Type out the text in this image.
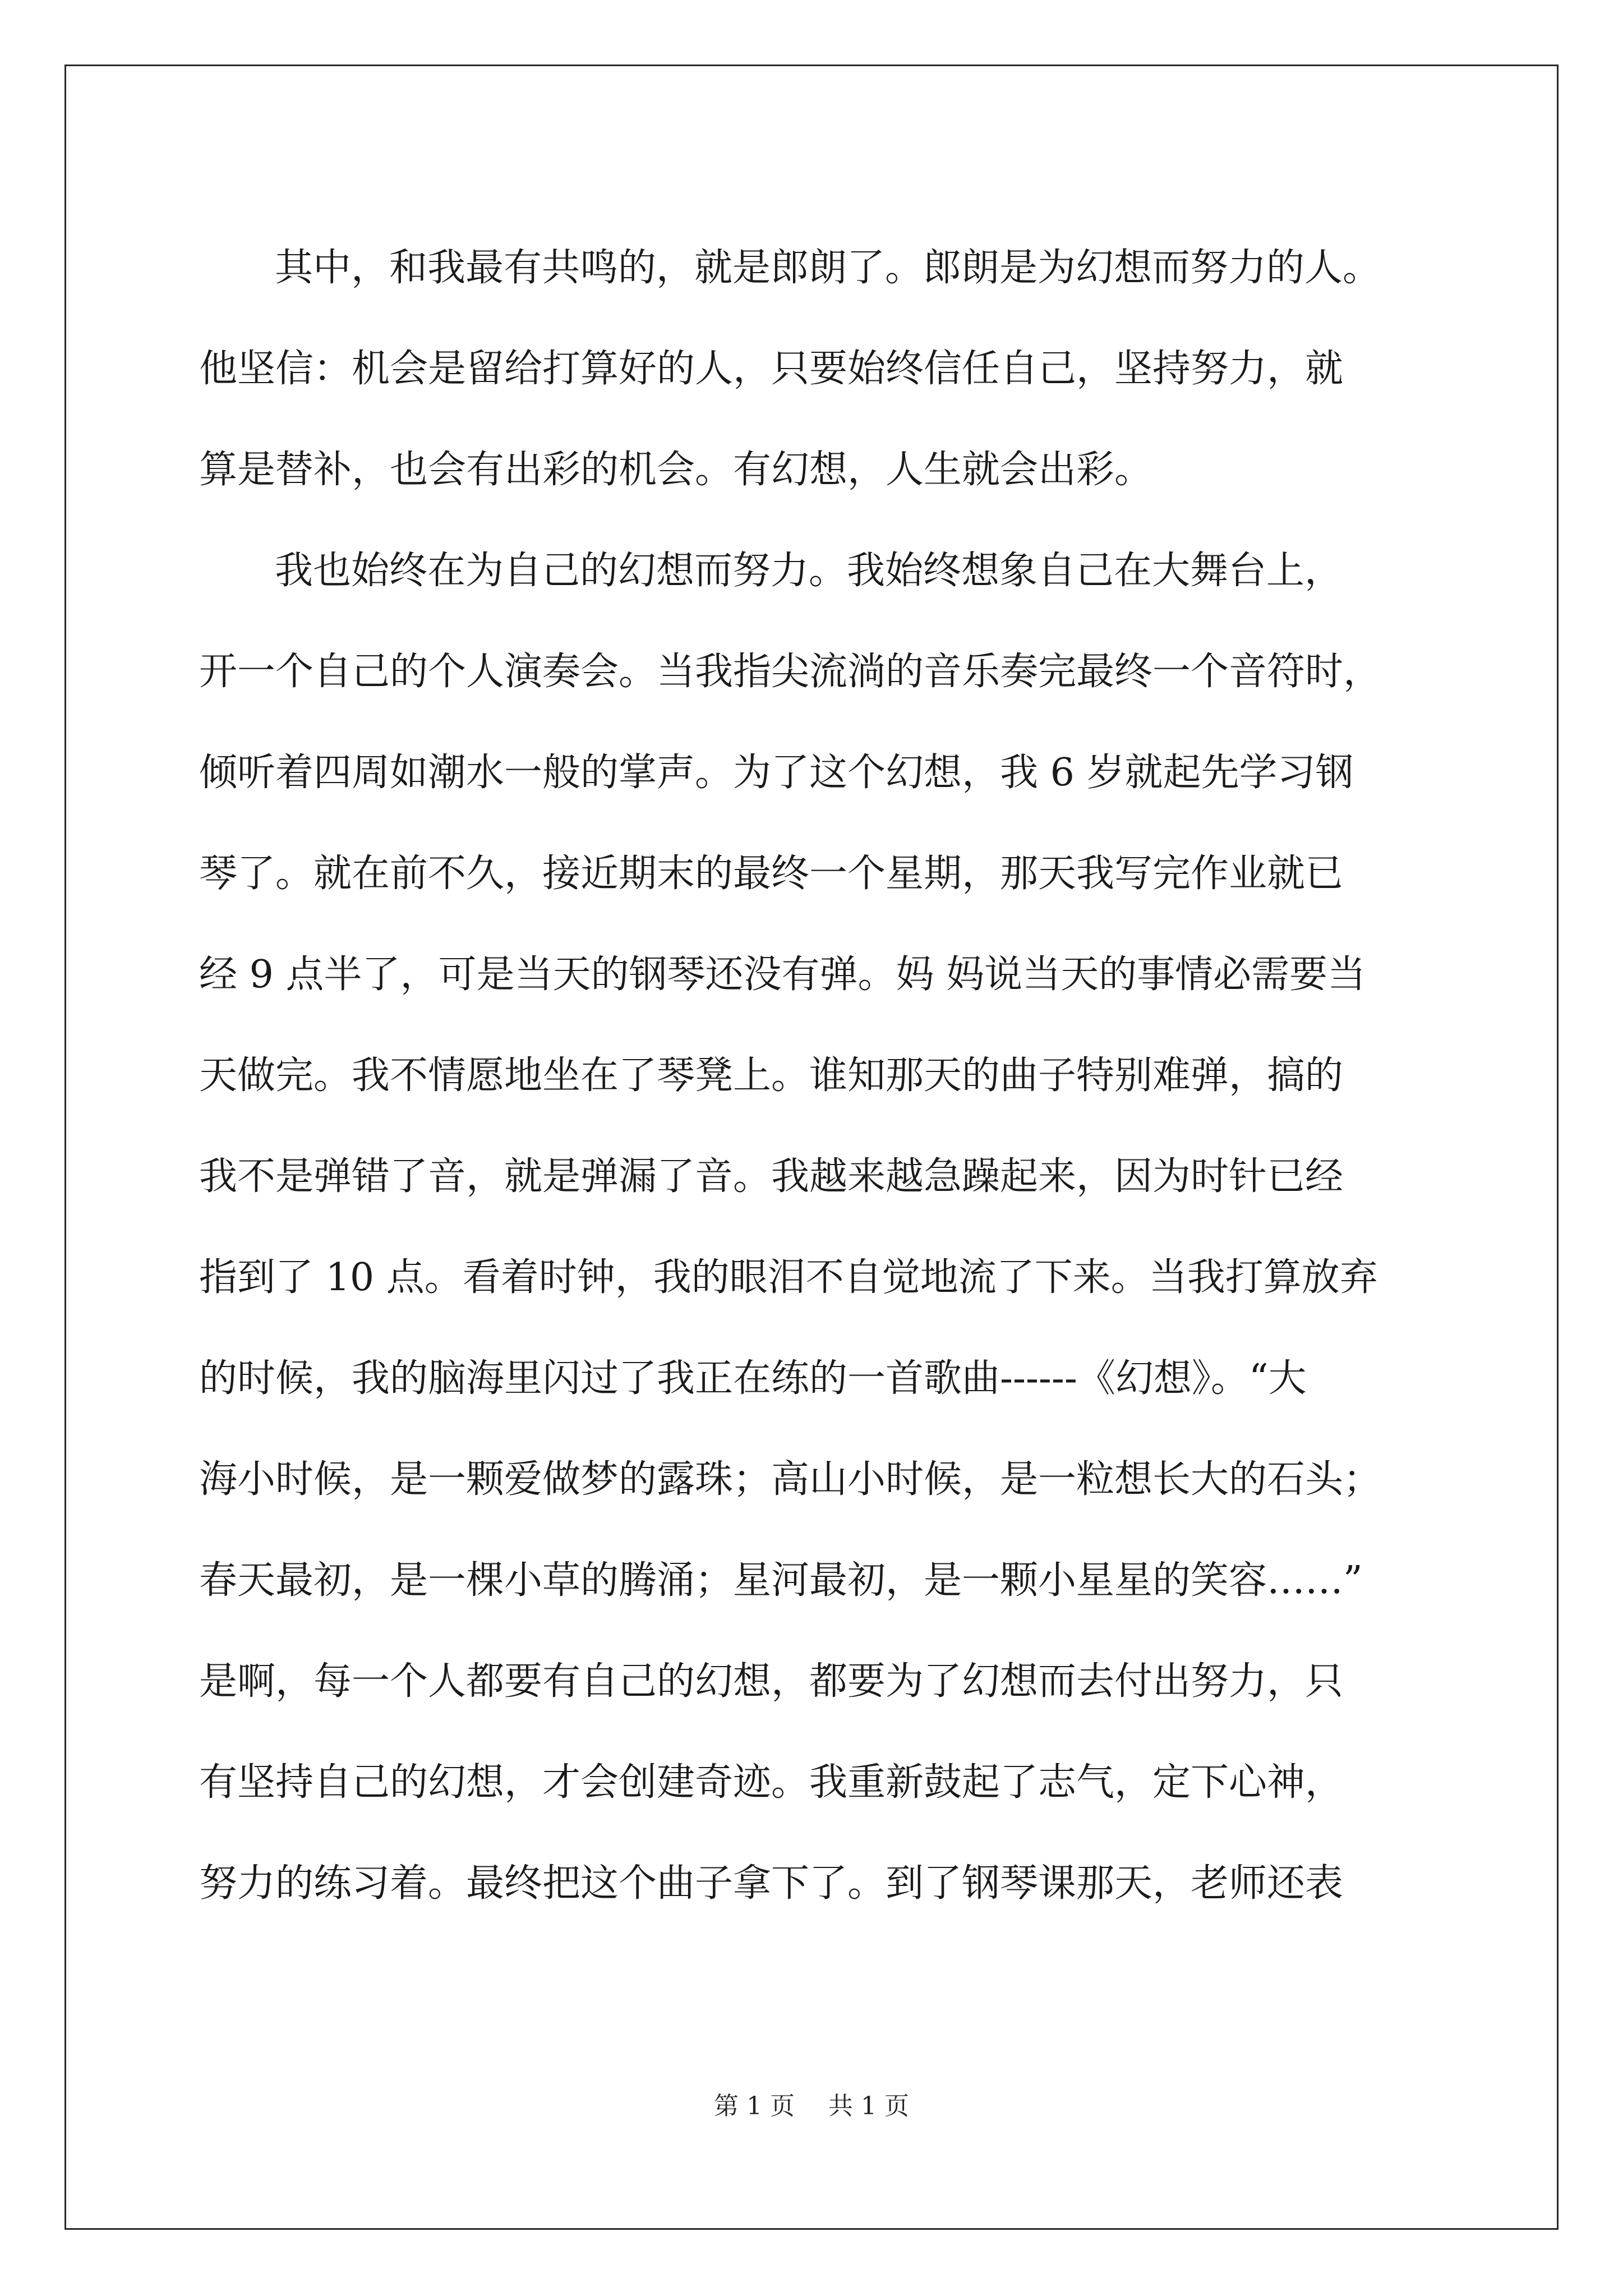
其中，和我最有共鸣的，就是郎朗了。郎朗是为幻想而努力的人。
他坚信：机会是留给打算好的人，只要始终信任自己，坚持努力，就
算是替补，也会有出彩的机会。有幻想，人生就会出彩。
我也始终在为自己的幻想而努力。我始终想象自己在大舞台上，
开一个自己的个人演奏会。当我指尖流淌的音乐奏完最终一个音符时，
倾听着四周如潮水一般的掌声。为了这个幻想，我 6 岁就起先学习钢
琴了。就在前不久，接近期末的最终一个星期，那天我写完作业就已
经 9 点半了，可是当天的钢琴还没有弹。妈 妈说当天的事情必需要当
天做完。我不情愿地坐在了琴凳上。谁知那天的曲子特别难弹，搞的
我不是弹错了音，就是弹漏了音。我越来越急躁起来，因为时针已经
指到了 10 点。看着时钟，我的眼泪不自觉地流了下来。当我打算放弃
的时候，我的脑海里闪过了我正在练的一首歌曲------《幻想》。“大
海小时候，是一颗爱做梦的露珠；高山小时候，是一粒想长大的石头；
春天最初，是一棵小草的腾涌；星河最初，是一颗小星星的笑容……”
是啊，每一个人都要有自己的幻想，都要为了幻想而去付出努力，只
有坚持自己的幻想，才会创建奇迹。我重新鼓起了志气，定下心神，
努力的练习着。最终把这个曲子拿下了。到了钢琴课那天，老师还表
第 1 页 共 1 页
